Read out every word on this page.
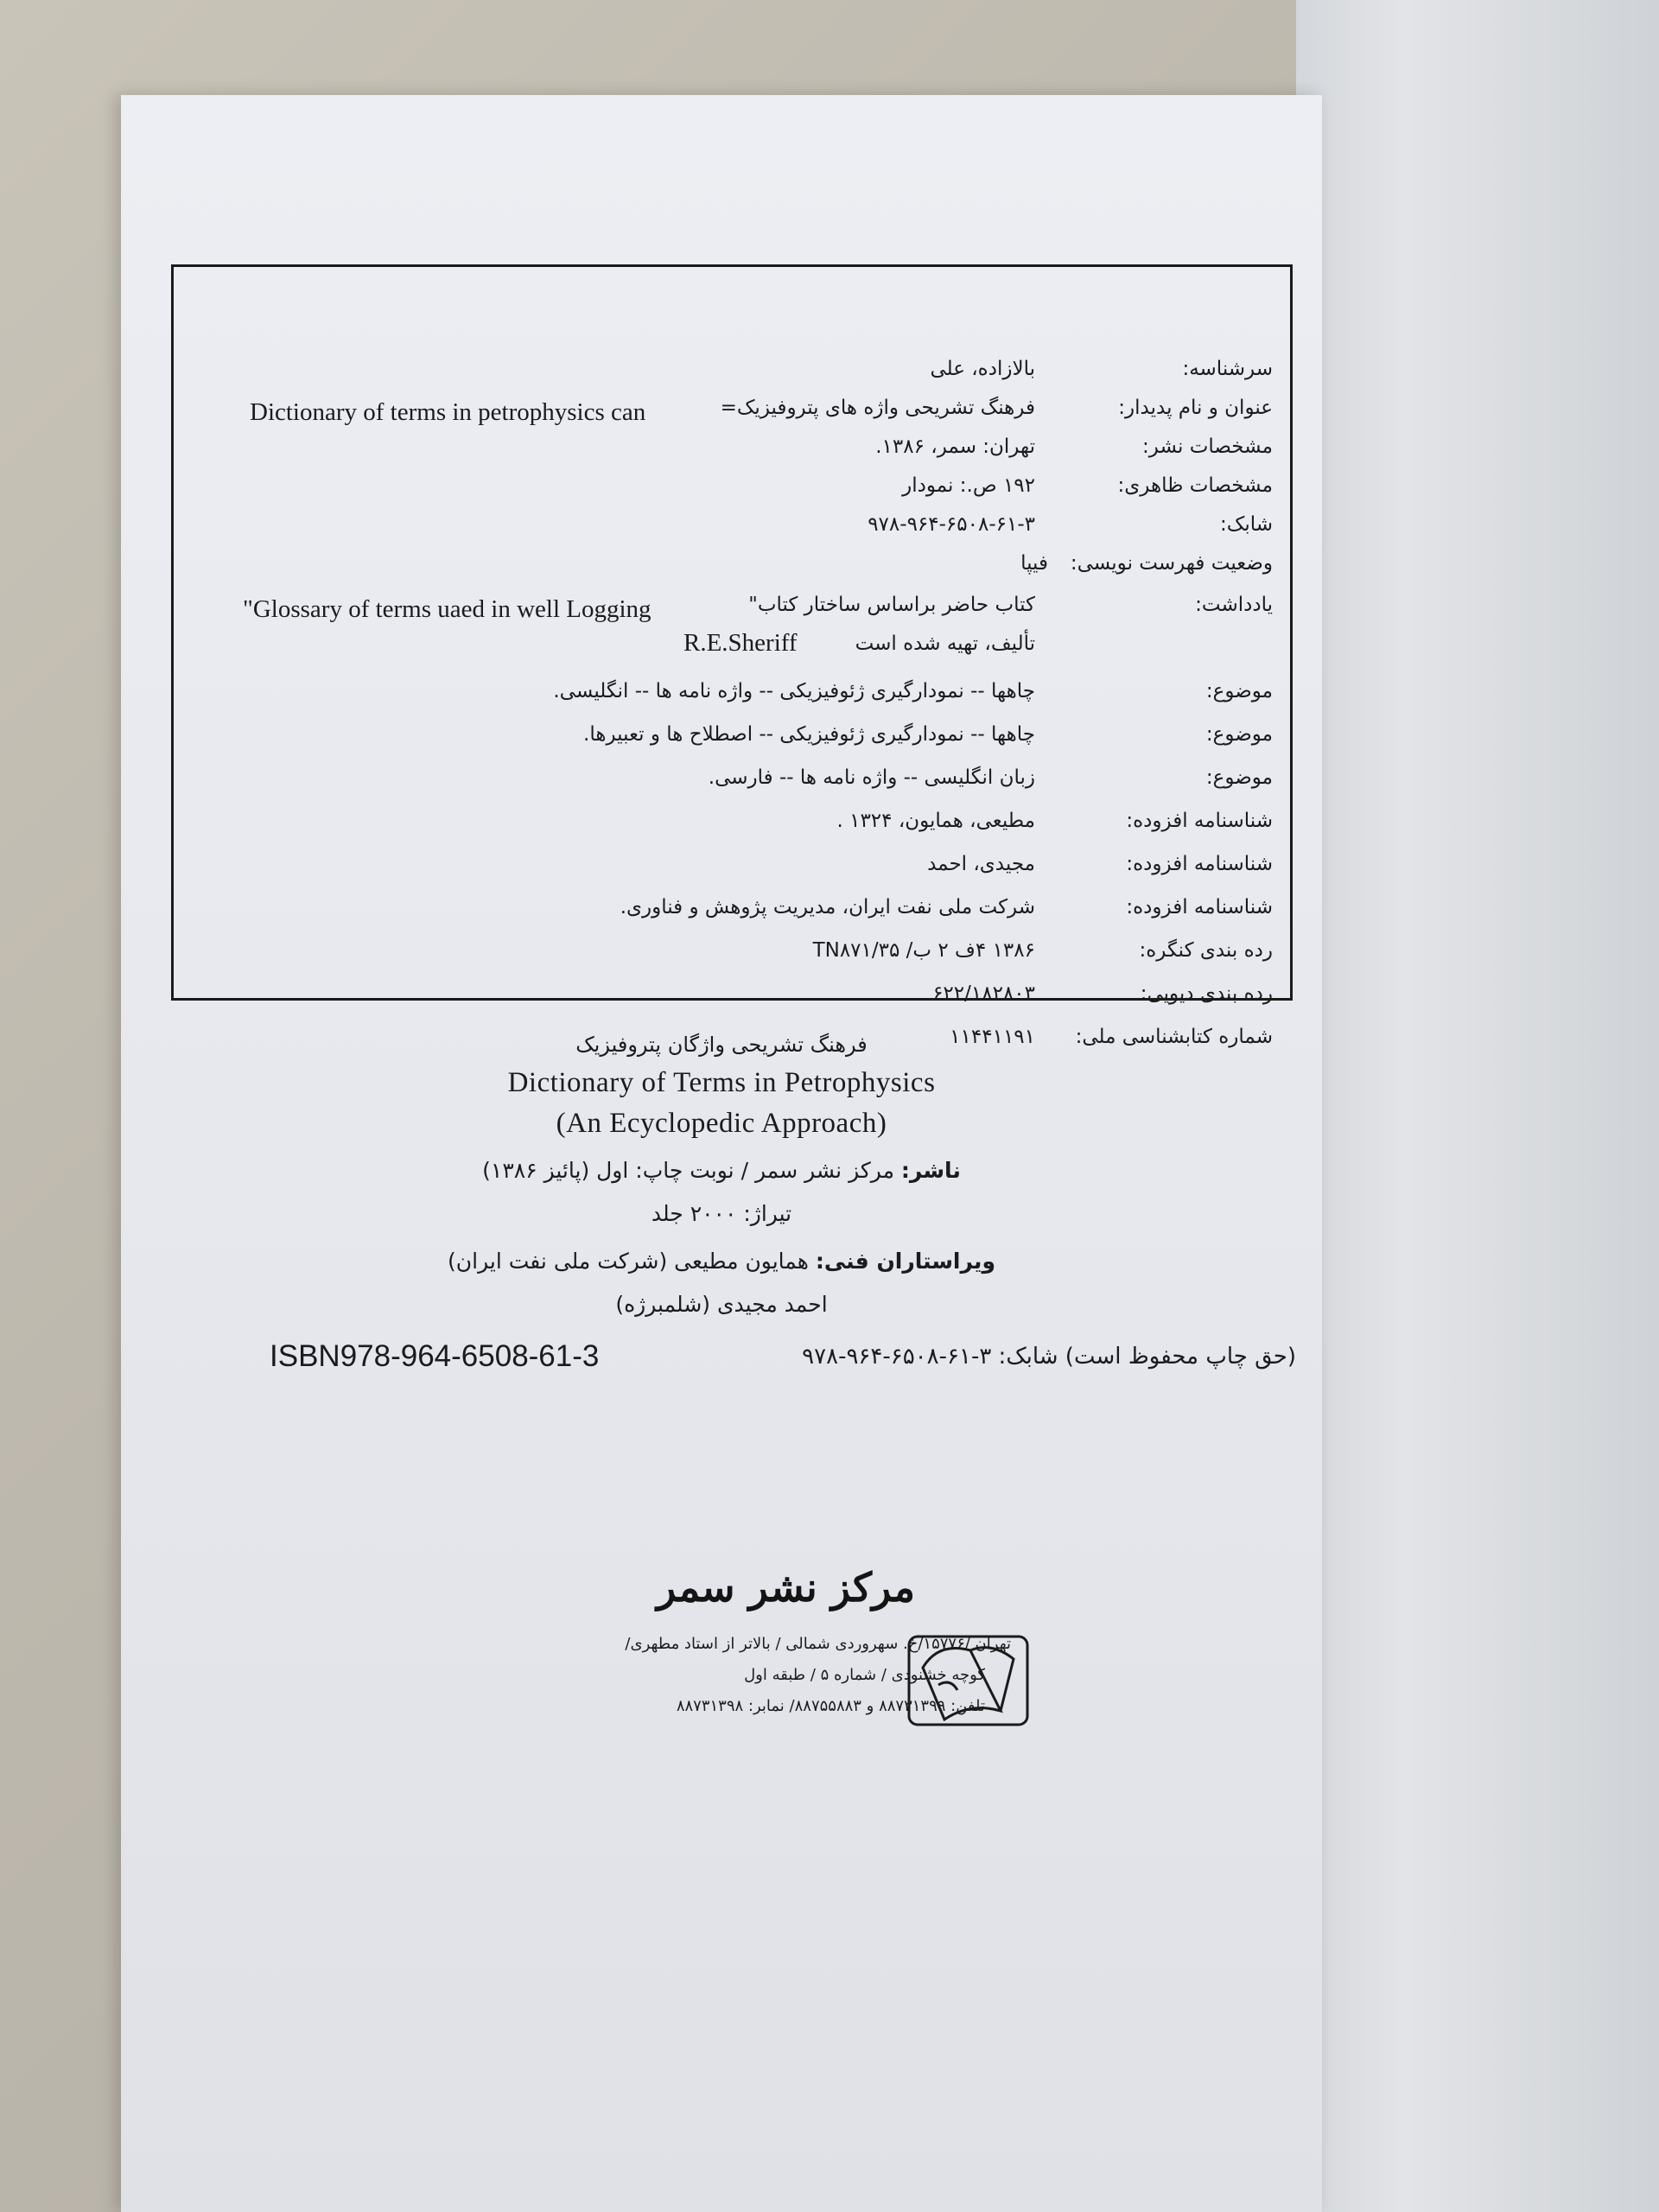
سرشناسه:
بالازاده، علی
عنوان و نام پدیدار:
فرهنگ تشریحی واژه های پتروفیزیک=
Dictionary of terms in petrophysics can
مشخصات نشر:
تهران: سمر، ۱۳۸۶.
مشخصات ظاهری:
۱۹۲ ص.: نمودار
شابک:
۹۷۸-۹۶۴-۶۵۰۸-۶۱-۳
وضعیت فهرست نویسی:
فیپا
یادداشت:
کتاب حاضر براساس ساختار کتاب"
"Glossary of terms uaed in well Logging
تألیف، تهیه شده است
R.E.Sheriff
موضوع:
چاهها -- نمودارگیری ژئوفیزیکی -- واژه نامه ها -- انگلیسی.
موضوع:
چاهها -- نمودارگیری ژئوفیزیکی -- اصطلاح ها و تعبیرها.
موضوع:
زبان انگلیسی -- واژه نامه ها -- فارسی.
شناسنامه افزوده:
مطیعی، همایون، ۱۳۲۴ .
شناسنامه افزوده:
مجیدی، احمد
شناسنامه افزوده:
شرکت ملی نفت ایران، مدیریت پژوهش و فناوری.
رده بندی کنگره:
۱۳۸۶ ۴ف ۲ ب/ TN۸۷۱/۳۵
رده بندی دیویی:
۶۲۲/۱۸۲۸۰۳
شماره کتابشناسی ملی:
۱۱۴۴۱۱۹۱
فرهنگ تشریحی واژگان پتروفیزیک
Dictionary of Terms in Petrophysics
(An Ecyclopedic Approach)
ناشر: مرکز نشر سمر / نوبت چاپ: اول (پائیز ۱۳۸۶)
تیراژ: ۲۰۰۰ جلد
ویراستاران فنی: همایون مطیعی (شرکت ملی نفت ایران)
احمد مجیدی (شلمبرژه)
(حق چاپ محفوظ است) شابک: ۳-۶۱-۶۵۰۸-۹۶۴-۹۷۸
ISBN978-964-6508-61-3
مرکز نشر سمر
تهران /۱۵۷۷۶/خ. سهروردی شمالی / بالاتر از استاد مطهری/
کوچه خشنودی / شماره ۵ / طبقه اول
تلفن: ۸۸۷۳۱۳۹۹ و ۸۸۷۵۵۸۸۳/ نمابر: ۸۸۷۳۱۳۹۸
